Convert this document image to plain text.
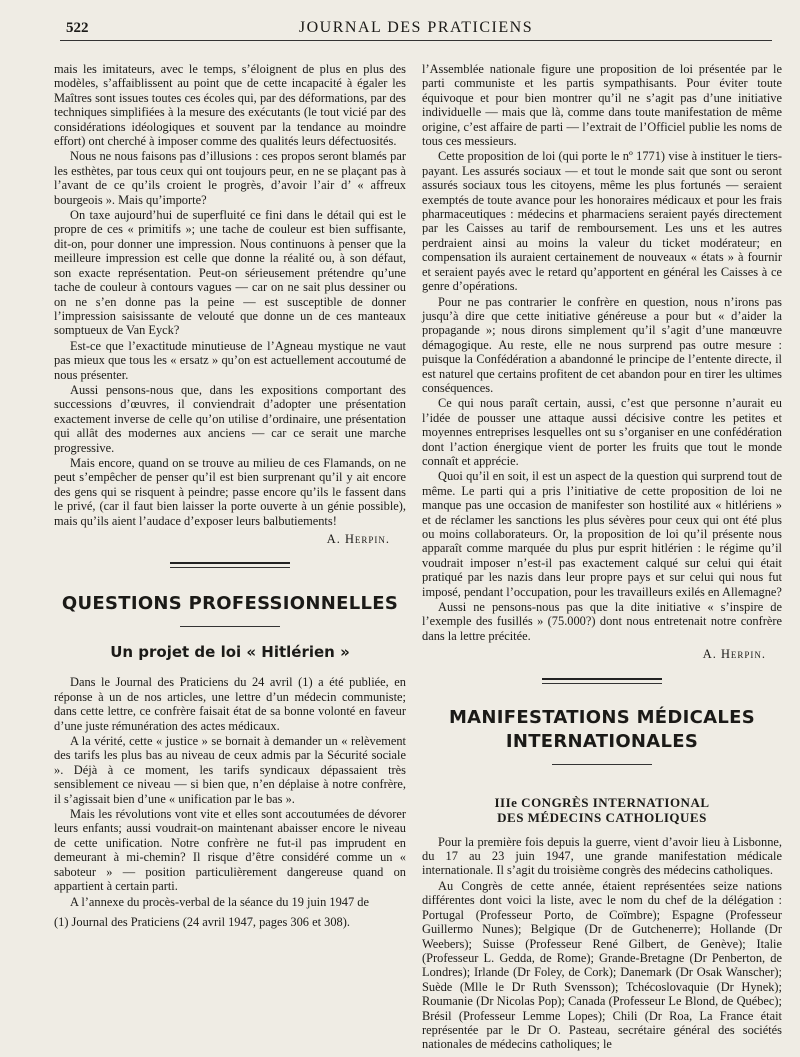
522	JOURNAL DES PRATICIENS

mais les imitateurs, avec le temps, s’éloignent de plus en plus des modèles, s’affaiblissent au point que de cette incapacité à égaler les Maîtres sont issues toutes ces écoles qui, par des déformations, par des techniques simplifiées à la mesure des exécutants (le tout vicié par des considérations idéologiques et souvent par la tendance au moindre effort) ont cherché à imposer comme des qualités leurs défectuosités.

Nous ne nous faisons pas d’illusions : ces propos seront blamés par les esthètes, par tous ceux qui ont toujours peur, en ne se plaçant pas à l’avant de ce qu’ils croient le progrès, d’avoir l’air d’ « affreux bourgeois ». Mais qu’importe?

On taxe aujourd’hui de superfluité ce fini dans le détail qui est le propre de ces « primitifs »; une tache de couleur est bien suffisante, dit-on, pour donner une impression. Nous continuons à penser que la meilleure impression est celle que donne la réalité ou, à son défaut, son exacte représentation. Peut-on sérieusement prétendre qu’une tache de couleur à contours vagues — car on ne sait plus dessiner ou on ne s’en donne pas la peine — est susceptible de donner l’impression saisissante de velouté que donne un de ces manteaux somptueux de Van Eyck?

Est-ce que l’exactitude minutieuse de l’Agneau mystique ne vaut pas mieux que tous les « ersatz » qu’on est actuellement accoutumé de nous présenter.

Aussi pensons-nous que, dans les expositions comportant des successions d’œuvres, il conviendrait d’adopter une présentation exactement inverse de celle qu’on utilise d’ordinaire, une présentation qui allât des modernes aux anciens — car ce serait une marche progressive.

Mais encore, quand on se trouve au milieu de ces Flamands, on ne peut s’empêcher de penser qu’il est bien surprenant qu’il y ait encore des gens qui se risquent à peindre; passe encore qu’ils le fassent dans le privé, (car il faut bien laisser la porte ouverte à un génie possible), mais qu’ils aient l’audace d’exposer leurs balbutiements!

A. Herpin.

QUESTIONS PROFESSIONNELLES
Un projet de loi « Hitlérien »

Dans le Journal des Praticiens du 24 avril (1) a été publiée, en réponse à un de nos articles, une lettre d’un médecin communiste; dans cette lettre, ce confrère faisait état de sa bonne volonté en faveur d’une juste rémunération des actes médicaux.

A la vérité, cette « justice » se bornait à demander un « relèvement des tarifs les plus bas au niveau de ceux admis par la Sécurité sociale ». Déjà à ce moment, les tarifs syndicaux dépassaient très sensiblement ce niveau — si bien que, n’en déplaise à notre confrère, il s’agissait bien d’une « unification par le bas ».

Mais les révolutions vont vite et elles sont accoutumées de dévorer leurs enfants; aussi voudrait-on maintenant abaisser encore le niveau de cette unification. Notre confrère ne fut-il pas imprudent en demeurant à mi-chemin? Il risque d’être considéré comme un « saboteur » — position particulièrement dangereuse quand on appartient à certain parti.

A l’annexe du procès-verbal de la séance du 19 juin 1947 de

(1) Journal des Praticiens (24 avril 1947, pages 306 et 308).

l’Assemblée nationale figure une proposition de loi présentée par le parti communiste et les partis sympathisants. Pour éviter toute équivoque et pour bien montrer qu’il ne s’agit pas d’une initiative individuelle — mais que là, comme dans toute manifestation de même origine, c’est affaire de parti — l’extrait de l’Officiel publie les noms de tous ces messieurs.

Cette proposition de loi (qui porte le nº 1771) vise à instituer le tiers-payant. Les assurés sociaux — et tout le monde sait que sont ou seront assurés sociaux tous les citoyens, même les plus fortunés — seraient exemptés de toute avance pour les honoraires médicaux et pour les frais pharmaceutiques : médecins et pharmaciens seraient payés directement par les Caisses au tarif de remboursement. Les uns et les autres perdraient ainsi au moins la valeur du ticket modérateur; en compensation ils auraient certainement de nouveaux « états » à fournir et seraient payés avec le retard qu’apportent en général les Caisses à ce genre d’opérations.

Pour ne pas contrarier le confrère en question, nous n’irons pas jusqu’à dire que cette initiative généreuse a pour but « d’aider la propagande »; nous dirons simplement qu’il s’agit d’une manœuvre démagogique. Au reste, elle ne nous surprend pas outre mesure : puisque la Confédération a abandonné le principe de l’entente directe, il est naturel que certains profitent de cet abandon pour en tirer les ultimes conséquences.

Ce qui nous paraît certain, aussi, c’est que personne n’aurait eu l’idée de pousser une attaque aussi décisive contre les petites et moyennes entreprises lesquelles ont su s’organiser en une confédération dont l’action énergique vient de porter les fruits que tout le monde connaît et apprécie.

Quoi qu’il en soit, il est un aspect de la question qui surprend tout de même. Le parti qui a pris l’initiative de cette proposition de loi ne manque pas une occasion de manifester son hostilité aux « hitlériens » et de réclamer les sanctions les plus sévères pour ceux qui ont été plus ou moins collaborateurs. Or, la proposition de loi qu’il présente nous apparaît comme marquée du plus pur esprit hitlérien : le régime qu’il voudrait imposer n’est-il pas exactement calqué sur celui qui était pratiqué par les nazis dans leur propre pays et sur celui qui nous fut imposé, pendant l’occupation, pour les travailleurs exilés en Allemagne?

Aussi ne pensons-nous pas que la dite initiative « s’inspire de l’exemple des fusillés » (75.000?) dont nous entretenait notre confrère dans la lettre précitée.

A. Herpin.

MANIFESTATIONS MÉDICALES
INTERNATIONALES
IIIe CONGRÈS INTERNATIONAL
DES MÉDECINS CATHOLIQUES

Pour la première fois depuis la guerre, vient d’avoir lieu à Lisbonne, du 17 au 23 juin 1947, une grande manifestation médicale internationale. Il s’agit du troisième congrès des médecins catholiques.

Au Congrès de cette année, étaient représentées seize nations différentes dont voici la liste, avec le nom du chef de la délégation : Portugal (Professeur Porto, de Coïmbre); Espagne (Professeur Guillermo Nunes); Belgique (Dr de Gutchenerre); Hollande (Dr Weebers); Suisse (Professeur René Gilbert, de Genève); Italie (Professeur L. Gedda, de Rome); Grande-Bretagne (Dr Penberton, de Londres); Irlande (Dr Foley, de Cork); Danemark (Dr Osak Wanscher); Suède (Mlle le Dr Ruth Svensson); Tchécoslovaquie (Dr Hynek); Roumanie (Dr Nicolas Pop); Canada (Professeur Le Blond, de Québec); Brésil (Professeur Lemme Lopes); Chili (Dr Roa, La France était représentée par le Dr O. Pasteau, secrétaire général des sociétés nationales de médecins catholiques; le
